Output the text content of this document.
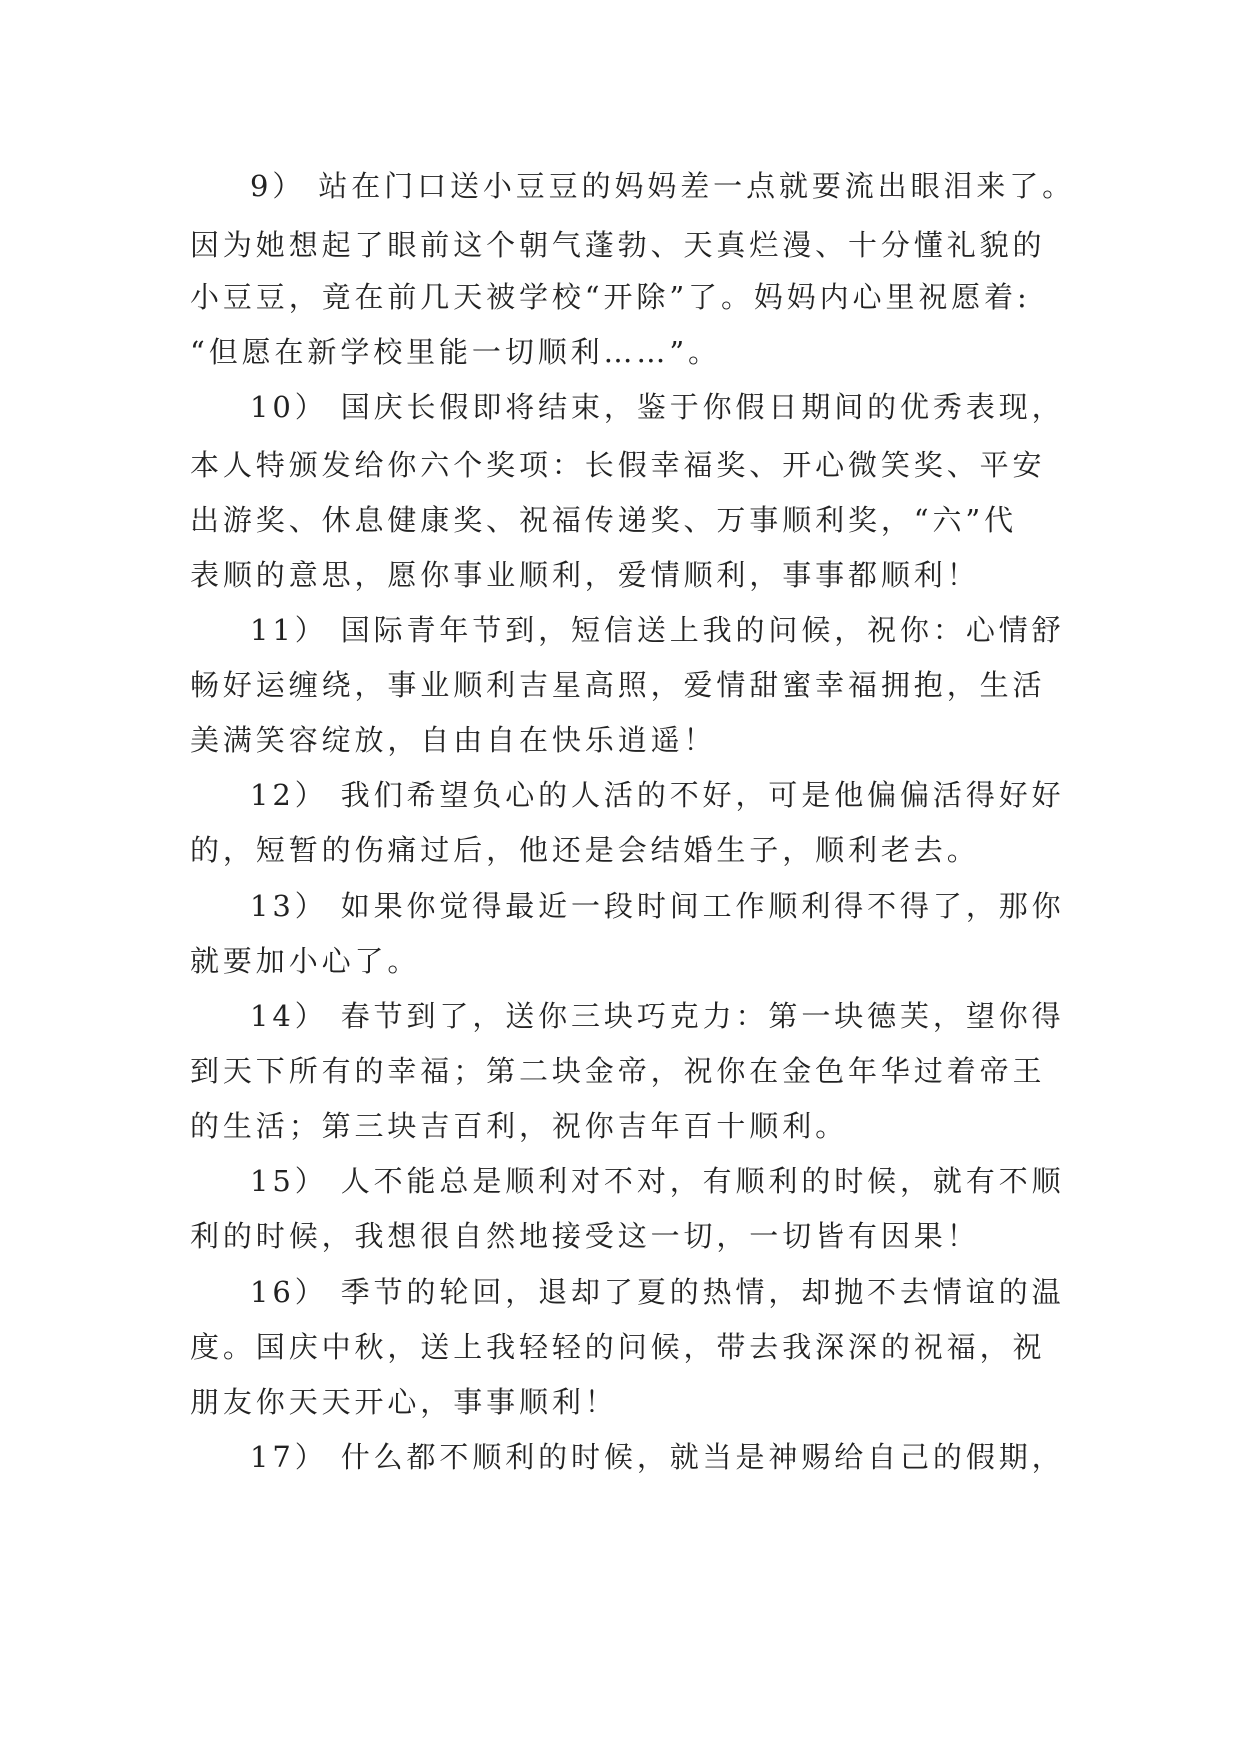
9） 站在门口送小豆豆的妈妈差一点就要流出眼泪来了。
因为她想起了眼前这个朝气蓬勃、天真烂漫、十分懂礼貌的
小豆豆，竟在前几天被学校“开除”了。妈妈内心里祝愿着:
“但愿在新学校里能一切顺利……”。
10） 国庆长假即将结束，鉴于你假日期间的优秀表现，
本人特颁发给你六个奖项：长假幸福奖、开心微笑奖、平安
出游奖、休息健康奖、祝福传递奖、万事顺利奖，“六”代
表顺的意思，愿你事业顺利，爱情顺利，事事都顺利！
11） 国际青年节到，短信送上我的问候，祝你：心情舒
畅好运缠绕，事业顺利吉星高照，爱情甜蜜幸福拥抱，生活
美满笑容绽放，自由自在快乐逍遥！
12） 我们希望负心的人活的不好，可是他偏偏活得好好
的，短暂的伤痛过后，他还是会结婚生子，顺利老去。
13） 如果你觉得最近一段时间工作顺利得不得了，那你
就要加小心了。
14） 春节到了，送你三块巧克力：第一块德芙，望你得
到天下所有的幸福；第二块金帝，祝你在金色年华过着帝王
的生活；第三块吉百利，祝你吉年百十顺利。
15） 人不能总是顺利对不对，有顺利的时候，就有不顺
利的时候，我想很自然地接受这一切，一切皆有因果！
16） 季节的轮回，退却了夏的热情，却抛不去情谊的温
度。国庆中秋，送上我轻轻的问候，带去我深深的祝福，祝
朋友你天天开心，事事顺利！
17） 什么都不顺利的时候，就当是神赐给自己的假期，
